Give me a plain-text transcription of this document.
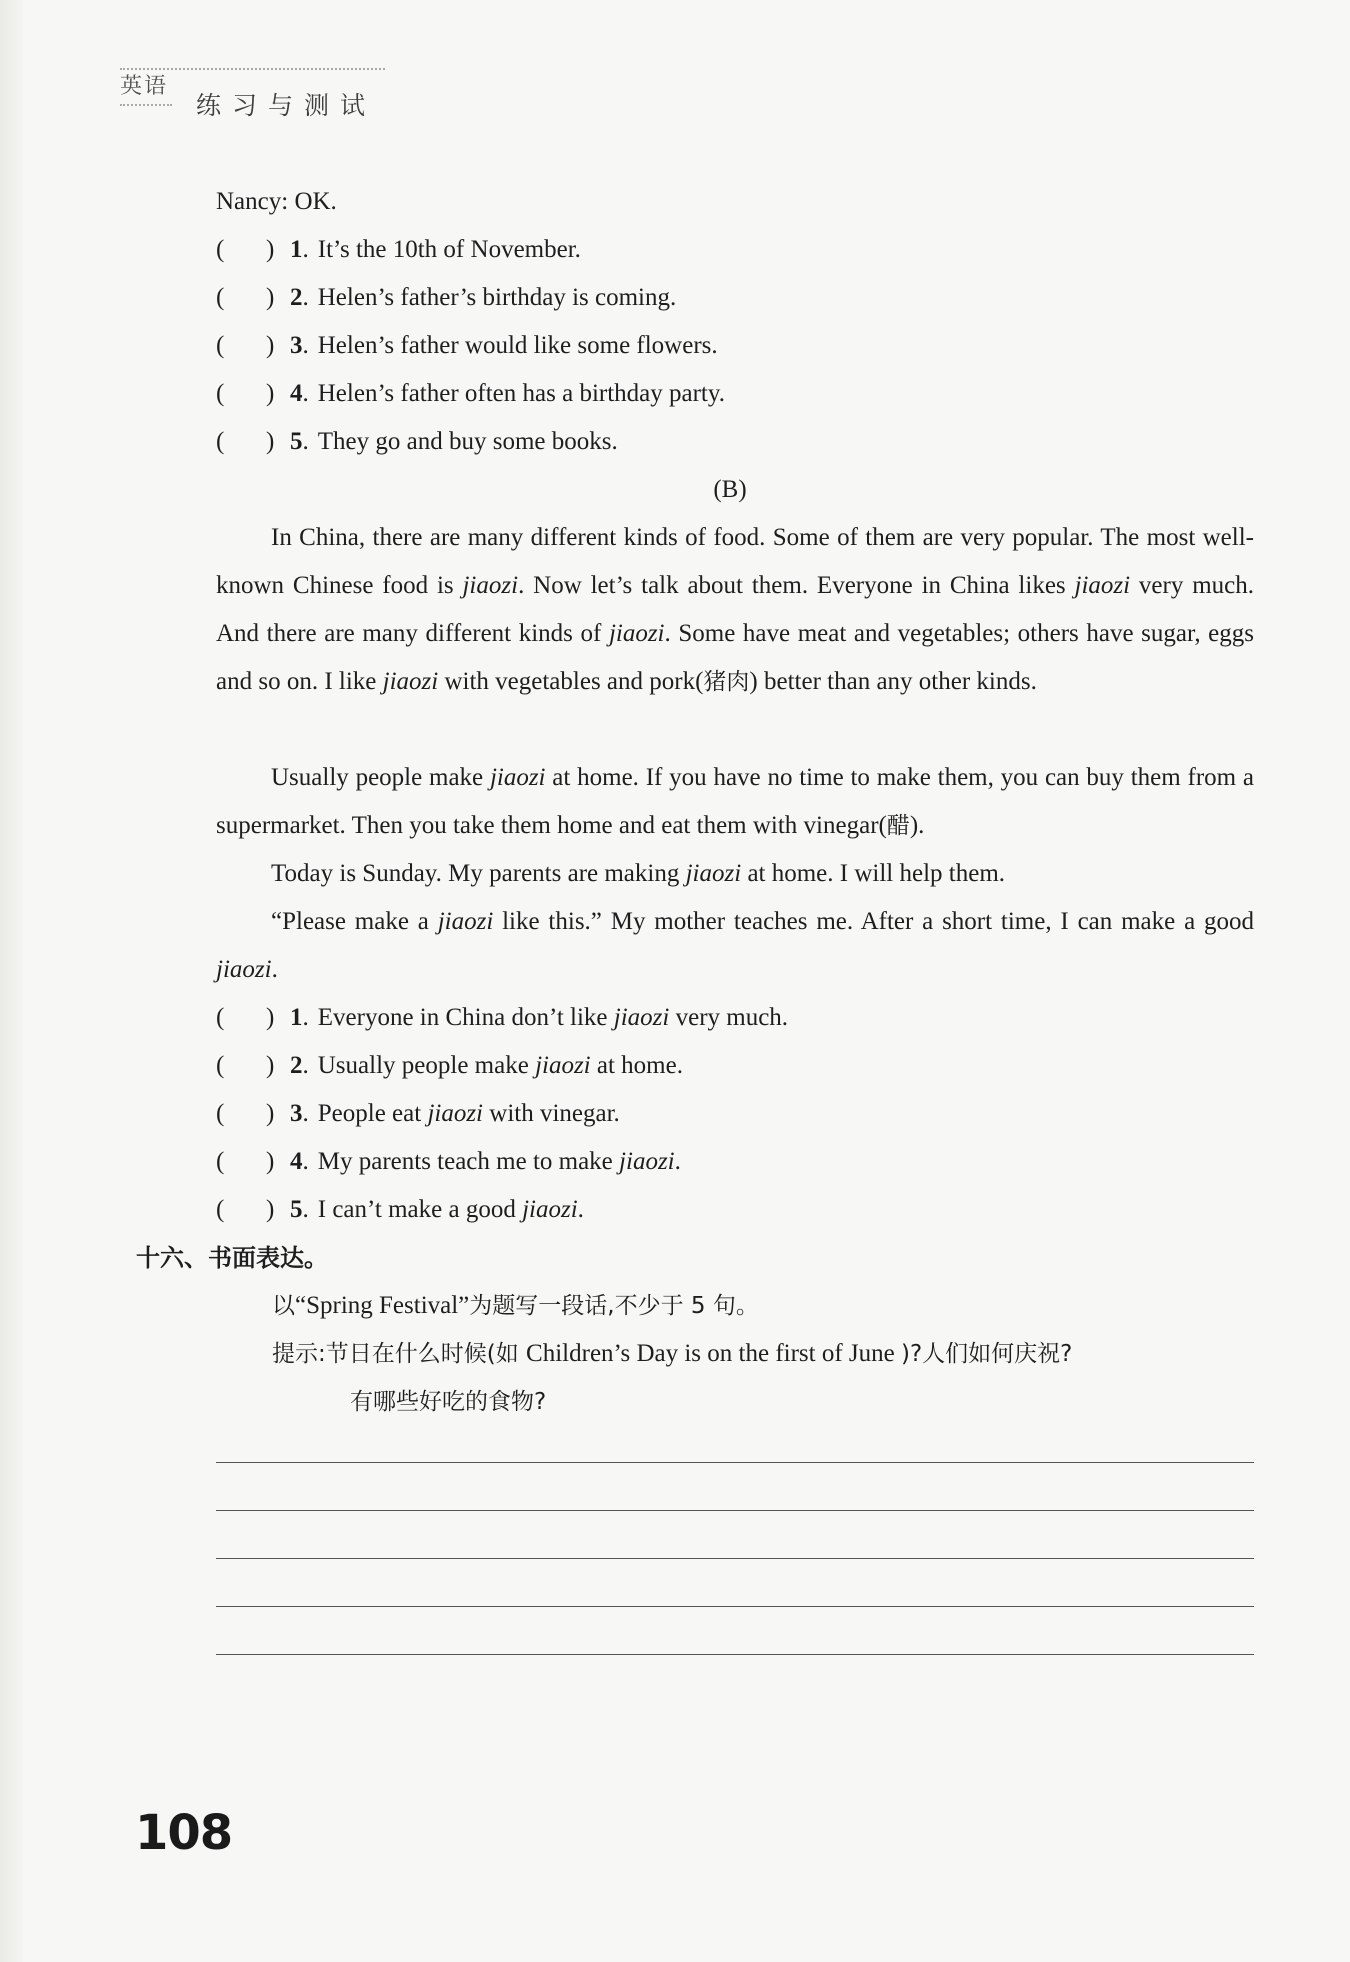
英语
练习与测试
Nancy: OK.
(	) 1 . It’s the 10th of November.
(	) 2 . Helen’s father’s birthday is coming.
(	) 3 . Helen’s father would like some flowers.
(	) 4 . Helen’s father often has a birthday party.
(	) 5 . They go and buy some books.
(B)
In China, there are many different kinds of food. Some of them are very popular. The most well-known Chinese food is jiaozi. Now let’s talk about them. Everyone in China likes jiaozi very much. And there are many different kinds of jiaozi. Some have meat and vegetables; others have sugar, eggs and so on. I like jiaozi with vegetables and pork(猪肉) better than any other kinds.
Usually people make jiaozi at home. If you have no time to make them, you can buy them from a supermarket. Then you take them home and eat them with vinegar(醋).
Today is Sunday. My parents are making jiaozi at home. I will help them.
“Please make a jiaozi like this.” My mother teaches me. After a short time, I can make a good jiaozi.
(	) 1 . Everyone in China don’t like jiaozi very much.
(	) 2 . Usually people make jiaozi at home.
(	) 3 . People eat jiaozi with vinegar.
(	) 4 . My parents teach me to make jiaozi.
(	) 5 . I can’t make a good jiaozi.
十六、书面表达。
以“Spring Festival”为题写一段话,不少于 5 句。
提示:节日在什么时候(如 Children’s Day is on the first of June )?人们如何庆祝?
有哪些好吃的食物?
108
